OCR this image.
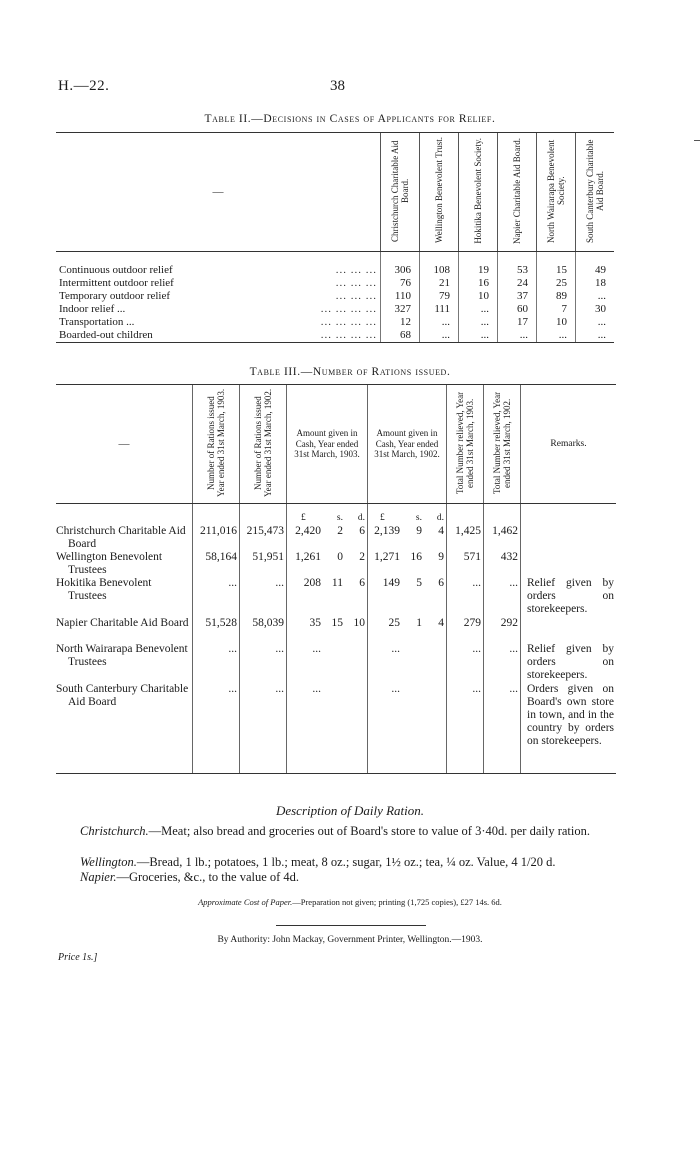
H.—22.	38
Table II.—Decisions in Cases of Applicants for Relief.
—	Christchurch Charitable Aid Board.	Wellington Benevolent Trust.	Hokitika Benevolent Society.	Napier Charitable Aid Board.	North Wairarapa Benevolent Society.	South Canterbury Charitable Aid Board.
Continuous outdoor relief ... ... ...	306	108	19	53	15	49
Intermittent outdoor relief ... ... ...	76	21	16	24	25	18
Temporary outdoor relief ... ... ...	110	79	10	37	89	...
Indoor relief ... ... ... ... ...	327	111	...	60	7	30
Transportation ... ... ... ... ...	12	...	...	17	10	...
Boarded-out children ... ... ... ...	68	...	...	...	...	...
Table III.—Number of Rations issued.
—	Number of Rations issued Year ended 31st March, 1903.	Number of Rations issued Year ended 31st March, 1902.	Amount given in Cash, Year ended 31st March, 1903.	Amount given in Cash, Year ended 31st March, 1902.	Total Number relieved, Year ended 31st March, 1903.	Total Number relieved, Year ended 31st March, 1902.	Remarks.
			£ s. d.	£ s. d.			

Christchurch Charitable Aid Board	211,016	215,473	2,420 2 6	2,139 9 4	1,425	1,462	

Wellington Benevolent Trustees	58,164	51,951	1,261 0 2	1,271 16 9	571	432	

Hokitika Benevolent Trustees	...	...	208 11 6	149 5 6	...	...	Relief given by orders on storekeepers.

Napier Charitable Aid Board	51,528	58,039	35 15 10	25 1 4	279	292	

North Wairarapa Benevolent Trustees	...	...	...	...	...	...	Relief given by orders on storekeepers.

South Canterbury Charitable Aid Board	...	...	...	...	...	...	Orders given on Board's own store in town, and in the country by orders on storekeepers.
Description of Daily Ration.
Christchurch.—Meat; also bread and groceries out of Board's store to value of 3·40d. per daily ration.
Wellington.—Bread, 1 lb.; potatoes, 1 lb.; meat, 8 oz.; sugar, 1½ oz.; tea, ¼ oz. Value, 4 1/20 d.
Napier.—Groceries, &c., to the value of 4d.
Approximate Cost of Paper.—Preparation not given; printing (1,725 copies), £27 14s. 6d.
By Authority: John Mackay, Government Printer, Wellington.—1903.
Price 1s.]
